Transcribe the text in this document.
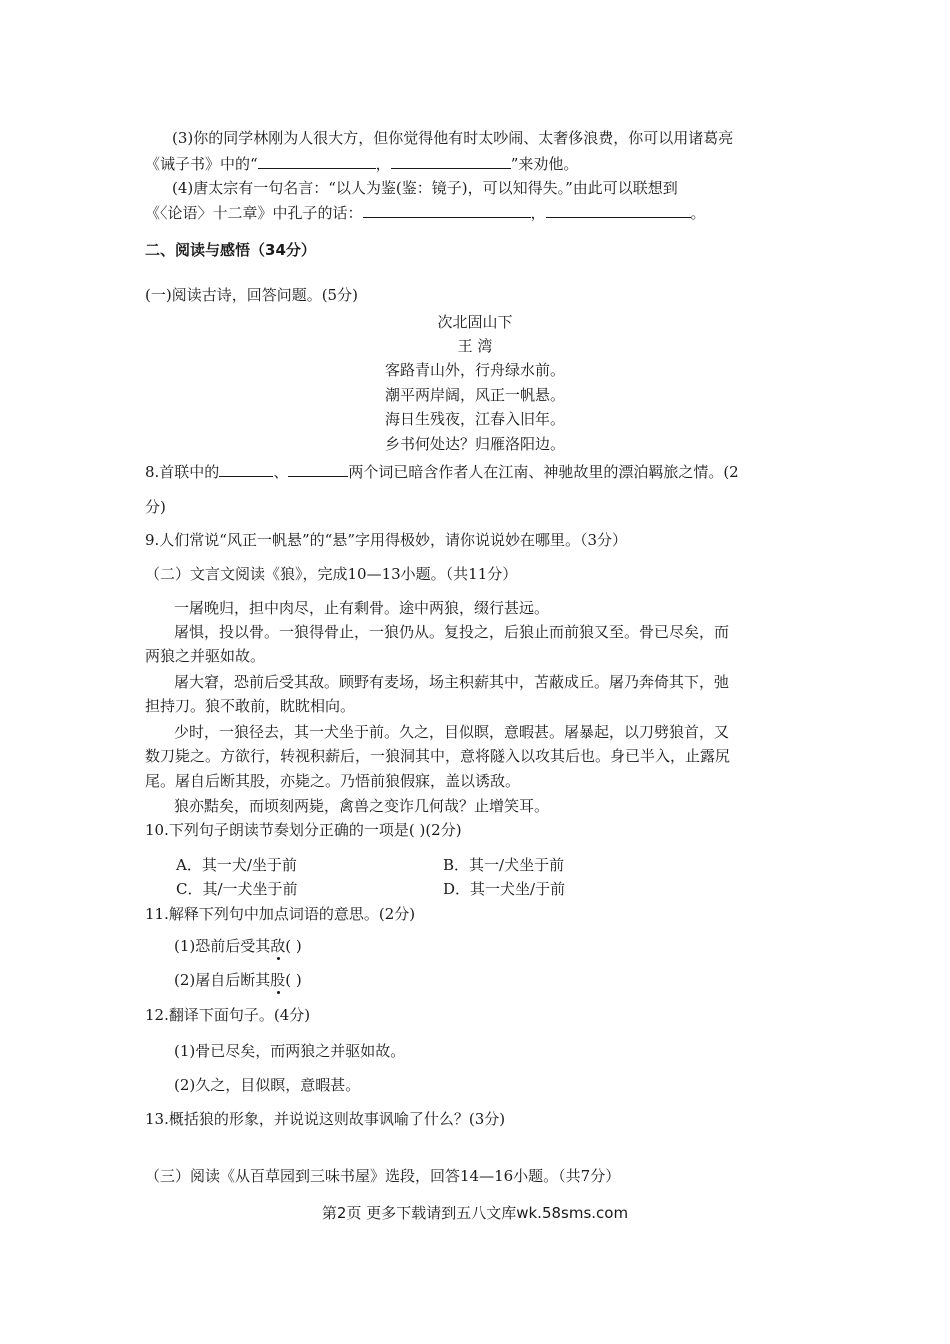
(3)你的同学林刚为人很大方，但你觉得他有时太吵闹、太奢侈浪费，你可以用诸葛亮
《诫子书》中的“	，	”来劝他。
(4)唐太宗有一句名言：“以人为鉴(鉴：镜子)，可以知得失。”由此可以联想到
《〈论语〉十二章》中孔子的话：	，	。
二、阅读与感悟（34分）
(一)阅读古诗，回答问题。(5分)
次北固山下
王 湾
客路青山外，行舟绿水前。
潮平两岸阔，风正一帆悬。
海日生残夜，江春入旧年。
乡书何处达？归雁洛阳边。
8.首联中的	、	两个词已暗含作者人在江南、神驰故里的漂泊羁旅之情。(2
分)
9.人们常说“风正一帆悬”的“悬”字用得极妙，请你说说妙在哪里。（3分）
（二）文言文阅读《狼》，完成10—13小题。（共11分）
一屠晚归，担中肉尽，止有剩骨。途中两狼，缀行甚远。
屠惧，投以骨。一狼得骨止，一狼仍从。复投之，后狼止而前狼又至。骨已尽矣，而
两狼之并驱如故。
屠大窘，恐前后受其敌。顾野有麦场，场主积薪其中，苫蔽成丘。屠乃奔倚其下，弛
担持刀。狼不敢前，眈眈相向。
少时，一狼径去，其一犬坐于前。久之，目似瞑，意暇甚。屠暴起，以刀劈狼首，又
数刀毙之。方欲行，转视积薪后，一狼洞其中，意将隧入以攻其后也。身已半入，止露尻
尾。屠自后断其股，亦毙之。乃悟前狼假寐，盖以诱敌。
狼亦黠矣，而顷刻两毙，禽兽之变诈几何哉？止增笑耳。
10.下列句子朗读节奏划分正确的一项是( )(2分)
A．其一犬/坐于前	B．其一/犬坐于前
C．其/一犬坐于前	D．其一犬坐/于前
11.解释下列句中加点词语的意思。(2分)
(1)恐前后受其敌( )
(2)屠自后断其股( )
12.翻译下面句子。(4分)
(1)骨已尽矣，而两狼之并驱如故。
(2)久之，目似瞑，意暇甚。
13.概括狼的形象，并说说这则故事讽喻了什么？(3分)
（三）阅读《从百草园到三味书屋》选段，回答14—16小题。（共7分）
第2页 更多下载请到五八文库wk.58sms.com
